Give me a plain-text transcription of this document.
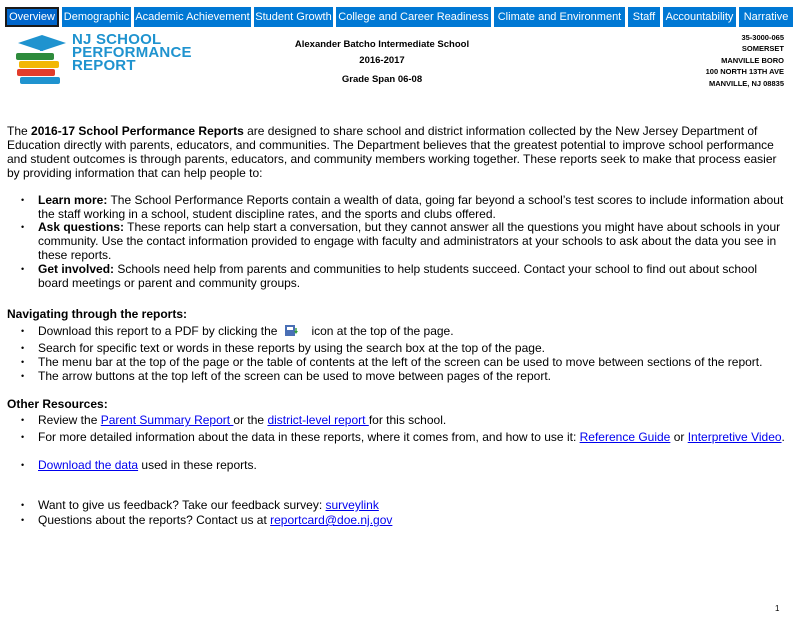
Overview Demographic Academic Achievement Student Growth College and Career Readiness Climate and Environment	Staff Accountability Narrative
NJ SCHOOL
PERFORMANCE
REPORT
Alexander Batcho Intermediate School
2016-2017
Grade Span 06-08
35-3000-065
SOMERSET
MANVILLE BORO
100 NORTH 13TH AVE
MANVILLE, NJ 08835
The 2016-17 School Performance Reports are designed to share school and district information collected by the New Jersey Department of Education directly with parents, educators, and communities. The Department believes that the greatest potential to improve school performance and student outcomes is through parents, educators, and community members working together. These reports seek to make that process easier by providing information that can help people to:
• Learn more: The School Performance Reports contain a wealth of data, going far beyond a school’s test scores to include information about the staff working in a school, student discipline rates, and the sports and clubs offered.
• Ask questions: These reports can help start a conversation, but they cannot answer all the questions you might have about schools in your community. Use the contact information provided to engage with faculty and administrators at your schools to ask about the data you see in these reports.
• Get involved: Schools need help from parents and communities to help students succeed. Contact your school to find out about school board meetings or parent and community groups.
Navigating through the reports:
• Download this report to a PDF by clicking the	icon at the top of the page.
• Search for specific text or words in these reports by using the search box at the top of the page.
• The menu bar at the top of the page or the table of contents at the left of the screen can be used to move between sections of the report.
• The arrow buttons at the top left of the screen can be used to move between pages of the report.
Other Resources:
• Review the Parent Summary Report or the district-level report for this school.
• For more detailed information about the data in these reports, where it comes from, and how to use it: Reference Guide or Interpretive Video.
• Download the data used in these reports.
• Want to give us feedback? Take our feedback survey: surveylink
• Questions about the reports? Contact us at reportcard@doe.nj.gov
1
